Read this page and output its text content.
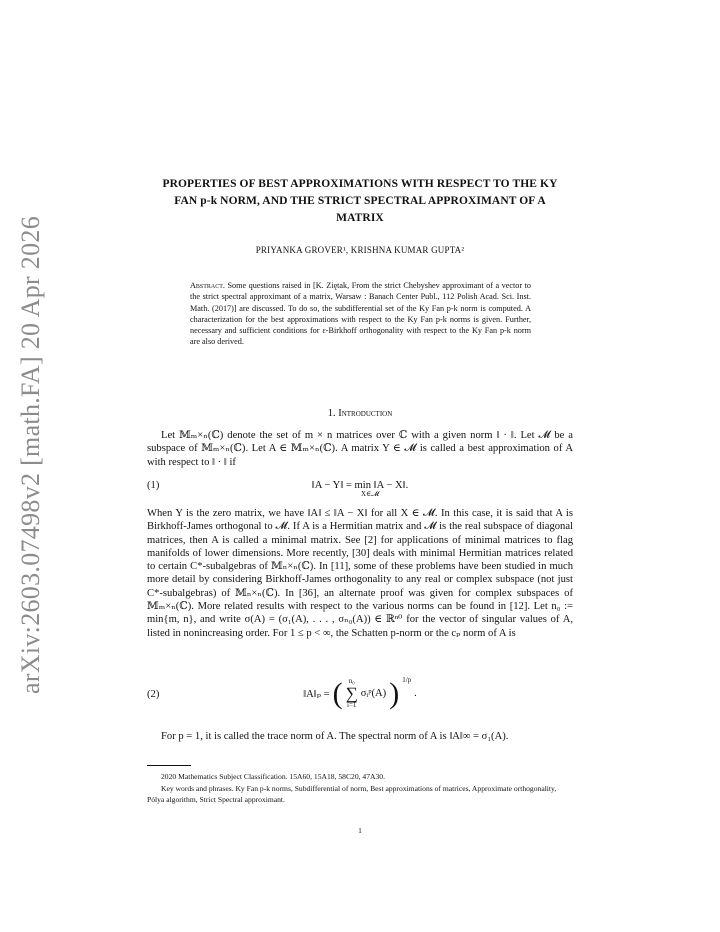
arXiv:2603.07498v2 [math.FA] 20 Apr 2026
PROPERTIES OF BEST APPROXIMATIONS WITH RESPECT TO THE KY
FAN p-k NORM, AND THE STRICT SPECTRAL APPROXIMANT OF A
MATRIX
PRIYANKA GROVER¹, KRISHNA KUMAR GUPTA²
Abstract. Some questions raised in [K. Ziętak, From the strict Chebyshev approximant of a vector to the strict spectral approximant of a matrix, Warsaw : Banach Center Publ., 112 Polish Acad. Sci. Inst. Math. (2017)] are discussed. To do so, the subdifferential set of the Ky Fan p-k norm is computed. A characterization for the best approximations with respect to the Ky Fan p-k norms is given. Further, necessary and sufficient conditions for ε-Birkhoff orthogonality with respect to the Ky Fan p-k norm are also derived.
1. Introduction
Let 𝕄ₘ×ₙ(ℂ) denote the set of m × n matrices over ℂ with a given norm ‖ · ‖. Let 𝓜 be a subspace of 𝕄ₘ×ₙ(ℂ). Let A ∈ 𝕄ₘ×ₙ(ℂ). A matrix Y ∈ 𝓜 is called a best approximation of A with respect to ‖ · ‖ if
(1)	‖A − Y‖ = min ‖A − X‖.
X∈𝓜
When Y is the zero matrix, we have ‖A‖ ≤ ‖A − X‖ for all X ∈ 𝓜. In this case, it is said that A is Birkhoff-James orthogonal to 𝓜. If A is a Hermitian matrix and 𝓜 is the real subspace of diagonal matrices, then A is called a minimal matrix. See [2] for applications of minimal matrices to flag manifolds of lower dimensions. More recently, [30] deals with minimal Hermitian matrices related to certain C*-subalgebras of 𝕄ₙ×ₙ(ℂ). In [11], some of these problems have been studied in much more detail by considering Birkhoff-James orthogonality to any real or complex subspace (not just C*-subalgebras) of 𝕄ₙ×ₙ(ℂ). In [36], an alternate proof was given for complex subspaces of 𝕄ₘ×ₙ(ℂ). More related results with respect to the various norms can be found in [12]. Let n₀ := min{m, n}, and write σ(A) = (σ₁(A), . . . , σₙ₀(A)) ∈ ℝⁿ⁰ for the vector of singular values of A, listed in nonincreasing order. For 1 ≤ p < ∞, the Schatten p-norm or the cₚ norm of A is
(2)	‖A‖ₚ = ( n₀
∑
i=1
σᵢᵖ(A) ) 1/p
.
For p = 1, it is called the trace norm of A. The spectral norm of A is ‖A‖∞ = σ₁(A).
2020 Mathematics Subject Classification. 15A60, 15A18, 58C20, 47A30.
Key words and phrases. Ky Fan p-k norms, Subdifferential of norm, Best approximations of matrices, Approximate orthogonality, Pólya algorithm, Strict Spectral approximant.
1
